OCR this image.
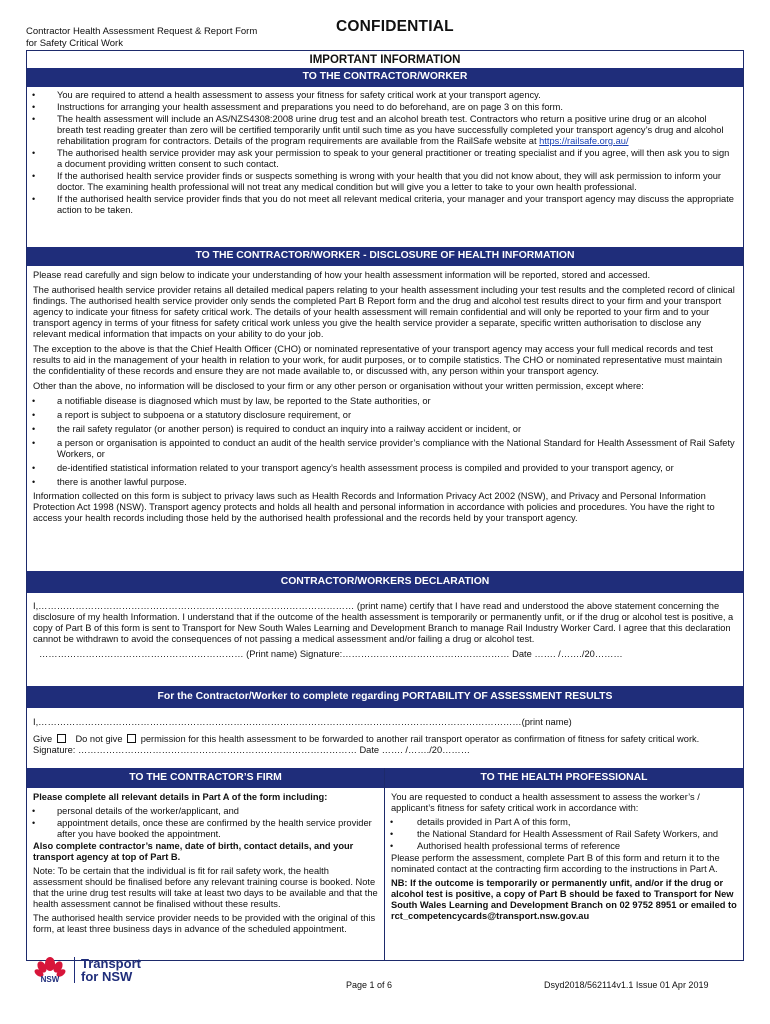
Contractor Health Assessment Request & Report Form
for Safety Critical Work
CONFIDENTIAL
IMPORTANT INFORMATION
TO THE CONTRACTOR/WORKER
• You are required to attend a health assessment to assess your fitness for safety critical work at your transport agency.
• Instructions for arranging your health assessment and preparations you need to do beforehand, are on page 3 on this form.
• The health assessment will include an AS/NZS4308:2008 urine drug test and an alcohol breath test. Contractors who return a positive urine drug or an alcohol breath test reading greater than zero will be certified temporarily unfit until such time as you have successfully completed your transport agency’s drug and alcohol rehabilitation program for contractors. Details of the program requirements are available from the RailSafe website at https://railsafe.org.au/
• The authorised health service provider may ask your permission to speak to your general practitioner or treating specialist and if you agree, will then ask you to sign a document providing written consent to such contact.
• If the authorised health service provider finds or suspects something is wrong with your health that you did not know about, they will ask permission to inform your doctor. The examining health professional will not treat any medical condition but will give you a letter to take to your own health professional.
• If the authorised health service provider finds that you do not meet all relevant medical criteria, your manager and your transport agency may discuss the appropriate action to be taken.
TO THE CONTRACTOR/WORKER - DISCLOSURE OF HEALTH INFORMATION

Please read carefully and sign below to indicate your understanding of how your health assessment information will be reported, stored and accessed.

The authorised health service provider retains all detailed medical papers relating to your health assessment including your test results and the completed record of clinical findings. The authorised health service provider only sends the completed Part B Report form and the drug and alcohol test results direct to your firm and your transport agency to indicate your fitness for safety critical work. The details of your health assessment will remain confidential and will only be reported to your firm and to your transport agency in terms of your fitness for safety critical work unless you give the health service provider a separate, specific written authorisation to disclose any relevant medical information that impacts on your ability to do your job.

The exception to the above is that the Chief Health Officer (CHO) or nominated representative of your transport agency may access your full medical records and test results to aid in the management of your health in relation to your work, for audit purposes, or to compile statistics. The CHO or nominated representative must maintain the confidentiality of these records and ensure they are not made available to, or discussed with, any person within your transport agency.

Other than the above, no information will be disclosed to your firm or any other person or organisation without your written permission, except where:

• a notifiable disease is diagnosed which must by law, be reported to the State authorities, or
• a report is subject to subpoena or a statutory disclosure requirement, or
• the rail safety regulator (or another person) is required to conduct an inquiry into a railway accident or incident, or
• a person or organisation is appointed to conduct an audit of the health service provider’s compliance with the National Standard for Health Assessment of Rail Safety Workers, or
• de-identified statistical information related to your transport agency’s health assessment process is compiled and provided to your transport agency, or
• there is another lawful purpose.

Information collected on this form is subject to privacy laws such as Health Records and Information Privacy Act 2002 (NSW), and Privacy and Personal Information Protection Act 1998 (NSW). Transport agency protects and holds all health and personal information in accordance with policies and procedures. You have the right to access your health records including those held by the authorised health professional and the records held by your transport agency.

CONTRACTOR/WORKERS DECLARATION
I,………………………………………………………………………………………… (print name) certify that I have read and understood the above statement concerning the disclosure of my health Information. I understand that if the outcome of the health assessment is temporarily or permanently unfit, or if the drug or alcohol test is positive, a copy of Part B of this form is sent to Transport for New South Wales Learning and Development Branch to manage Rail Industry Worker Card. I agree that this declaration cannot be withdrawn to avoid the consequences of not passing a medical assessment and/or failing a drug or alcohol test.
………………………………………………………… (Print name) Signature:……………………………………………… Date ……. /……./20………
For the Contractor/Worker to complete regarding PORTABILITY OF ASSESSMENT RESULTS
I,…………………………………………………………………………………………………………………………………………(print name)
Give	Do not give permission for this health assessment to be forwarded to another rail transport operator as confirmation of fitness for safety critical work. Signature: ……………………………………………………………………………… Date ……. /……./20………
TO THE CONTRACTOR’S FIRM

Please complete all relevant details in Part A of the form including:

• personal details of the worker/applicant, and
• appointment details, once these are confirmed by the health service provider after you have booked the appointment.

Also complete contractor’s name, date of birth, contact details, and your transport agency at top of Part B.

Note: To be certain that the individual is fit for rail safety work, the health assessment should be finalised before any relevant training course is booked. Note that the urine drug test results will take at least two days to be available and that the health assessment cannot be finalised without these results.

The authorised health service provider needs to be provided with the original of this form, at least three business days in advance of the scheduled appointment.

TO THE HEALTH PROFESSIONAL

You are requested to conduct a health assessment to assess the worker’s / applicant’s fitness for safety critical work in accordance with:

• details provided in Part A of this form,
• the National Standard for Health Assessment of Rail Safety Workers, and
• Authorised health professional terms of reference

Please perform the assessment, complete Part B of this form and return it to the nominated contact at the contracting firm according to the instructions in Part A.

NB: If the outcome is temporarily or permanently unfit, and/or if the drug or alcohol test is positive, a copy of Part B should be faxed to Transport for New South Wales Learning and Development Branch on 02 9752 8951 or emailed to rct_competencycards@transport.nsw.gov.au

NSW
Transport
for NSW
Page 1 of 6	Dsyd2018/562114v1.1 Issue 01 Apr 2019
